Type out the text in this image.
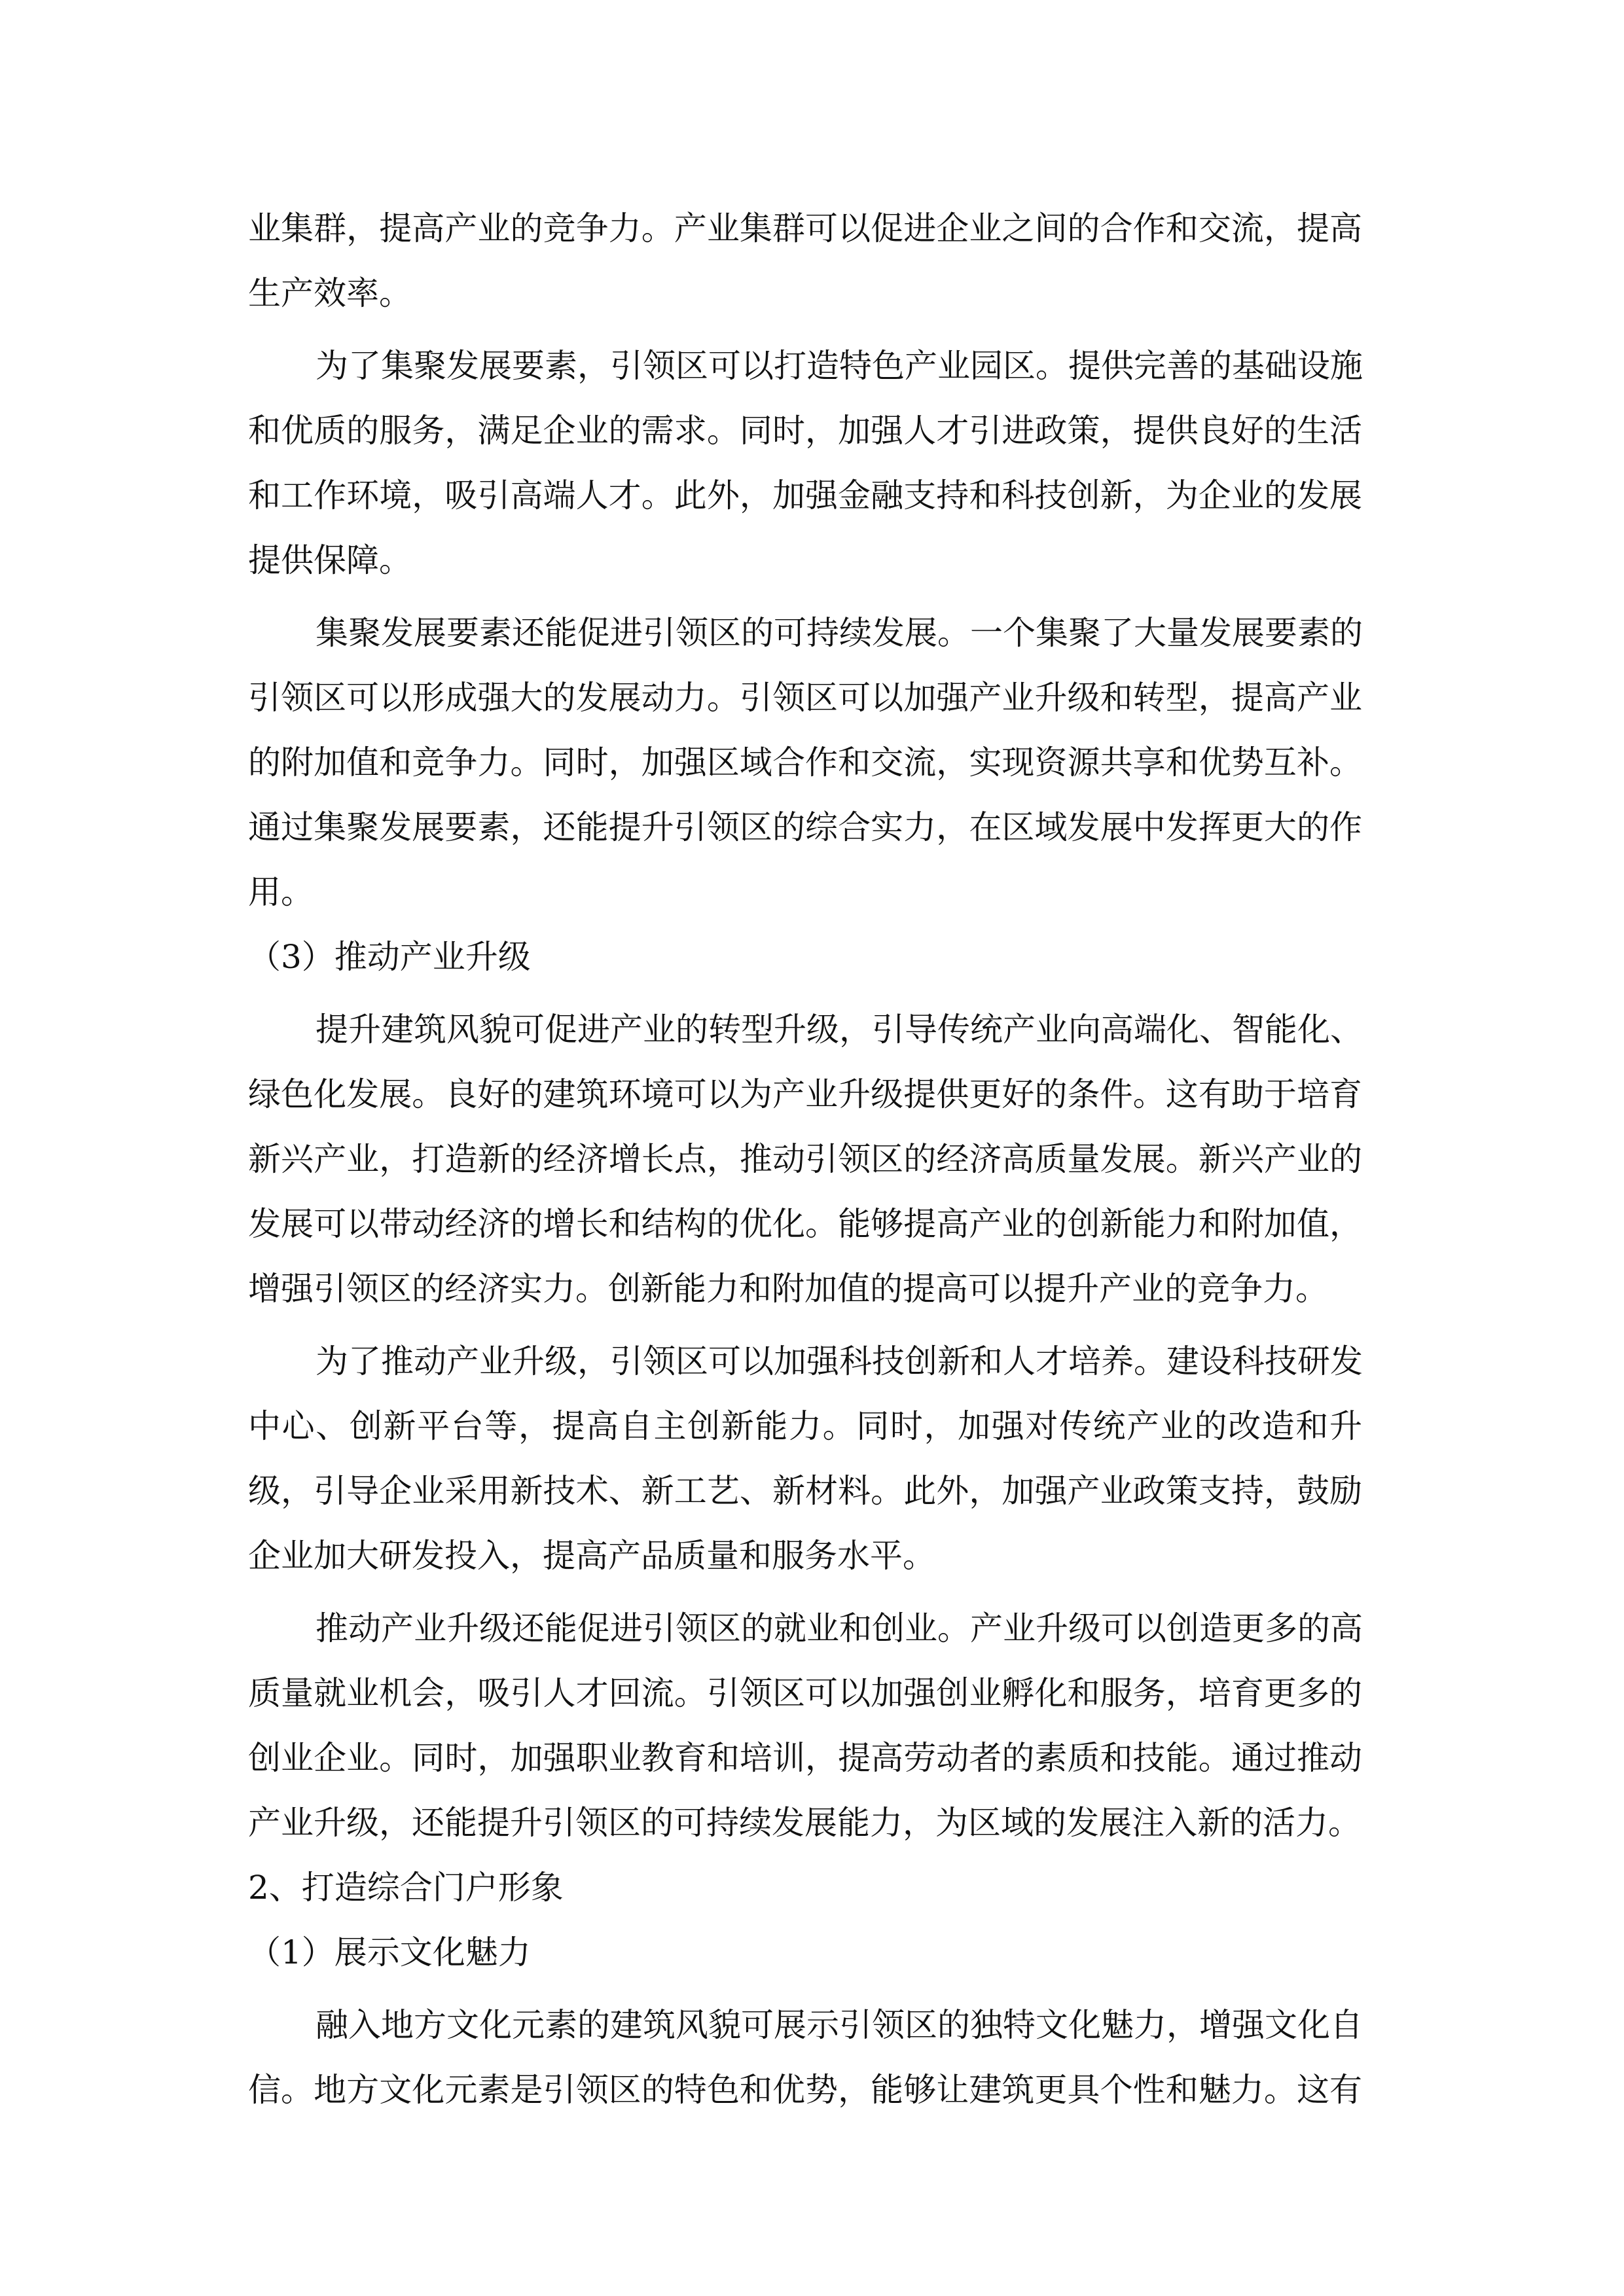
业集群，提高产业的竞争力。产业集群可以促进企业之间的合作和交流，提高
生产效率。
为了集聚发展要素，引领区可以打造特色产业园区。提供完善的基础设施
和优质的服务，满足企业的需求。同时，加强人才引进政策，提供良好的生活
和工作环境，吸引高端人才。此外，加强金融支持和科技创新，为企业的发展
提供保障。
集聚发展要素还能促进引领区的可持续发展。一个集聚了大量发展要素的
引领区可以形成强大的发展动力。引领区可以加强产业升级和转型，提高产业
的附加值和竞争力。同时，加强区域合作和交流，实现资源共享和优势互补。
通过集聚发展要素，还能提升引领区的综合实力，在区域发展中发挥更大的作
用。
（3）推动产业升级
提升建筑风貌可促进产业的转型升级，引导传统产业向高端化、智能化、
绿色化发展。良好的建筑环境可以为产业升级提供更好的条件。这有助于培育
新兴产业，打造新的经济增长点，推动引领区的经济高质量发展。新兴产业的
发展可以带动经济的增长和结构的优化。能够提高产业的创新能力和附加值，
增强引领区的经济实力。创新能力和附加值的提高可以提升产业的竞争力。
为了推动产业升级，引领区可以加强科技创新和人才培养。建设科技研发
中心、创新平台等，提高自主创新能力。同时，加强对传统产业的改造和升
级，引导企业采用新技术、新工艺、新材料。此外，加强产业政策支持，鼓励
企业加大研发投入，提高产品质量和服务水平。
推动产业升级还能促进引领区的就业和创业。产业升级可以创造更多的高
质量就业机会，吸引人才回流。引领区可以加强创业孵化和服务，培育更多的
创业企业。同时，加强职业教育和培训，提高劳动者的素质和技能。通过推动
产业升级，还能提升引领区的可持续发展能力，为区域的发展注入新的活力。
2、打造综合门户形象
（1）展示文化魅力
融入地方文化元素的建筑风貌可展示引领区的独特文化魅力，增强文化自
信。地方文化元素是引领区的特色和优势，能够让建筑更具个性和魅力。这有
